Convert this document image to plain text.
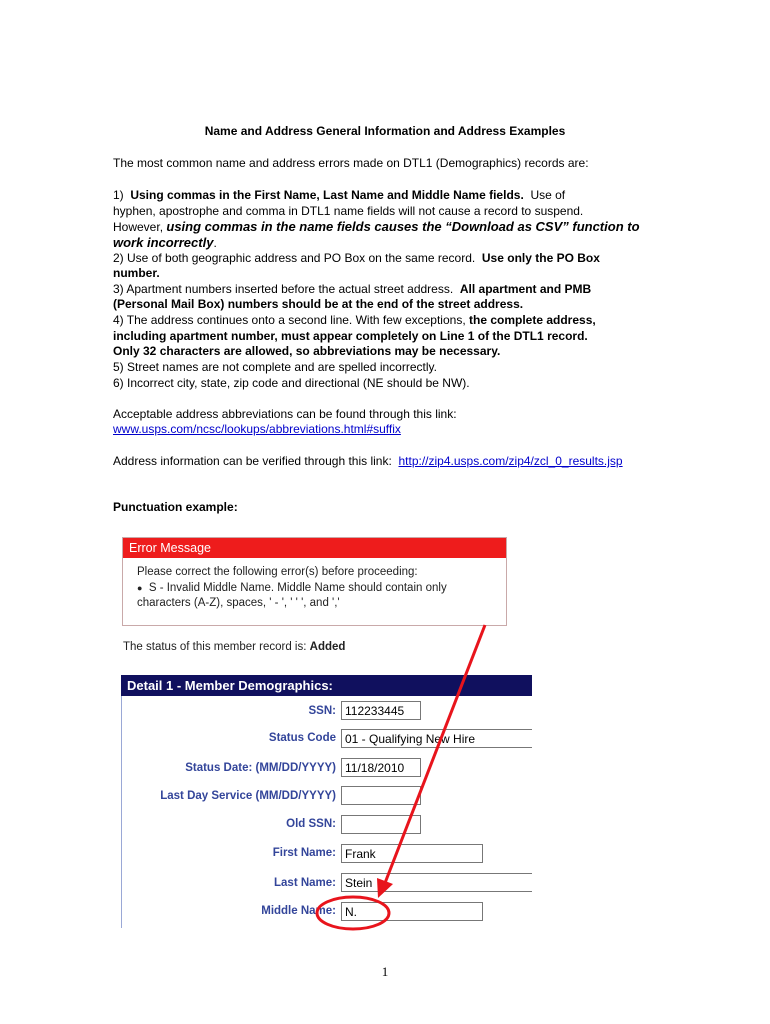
Name and Address General Information and Address Examples
The most common name and address errors made on DTL1 (Demographics) records are:
1) Using commas in the First Name, Last Name and Middle Name fields. Use of
hyphen, apostrophe and comma in DTL1 name fields will not cause a record to suspend.
However, using commas in the name fields causes the “Download as CSV” function to
work incorrectly.
2) Use of both geographic address and PO Box on the same record. Use only the PO Box
number.
3) Apartment numbers inserted before the actual street address. All apartment and PMB
(Personal Mail Box) numbers should be at the end of the street address.
4) The address continues onto a second line. With few exceptions, the complete address,
including apartment number, must appear completely on Line 1 of the DTL1 record.
Only 32 characters are allowed, so abbreviations may be necessary.
5) Street names are not complete and are spelled incorrectly.
6) Incorrect city, state, zip code and directional (NE should be NW).
Acceptable address abbreviations can be found through this link:
www.usps.com/ncsc/lookups/abbreviations.html#suffix
Address information can be verified through this link: http://zip4.usps.com/zip4/zcl_0_results.jsp
Punctuation example:
Error Message
Please correct the following error(s) before proceeding:
● S - Invalid Middle Name. Middle Name should contain only
characters (A-Z), spaces, ' - ', ' ' ', and ','
The status of this member record is: Added
Detail 1 - Member Demographics:
SSN: 112233445
Status Code 01 - Qualifying New Hire
Status Date: (MM/DD/YYYY) 11/18/2010
Last Day Service (MM/DD/YYYY)
Old SSN:
First Name: Frank
Last Name: Stein
Middle Name: N.
1
